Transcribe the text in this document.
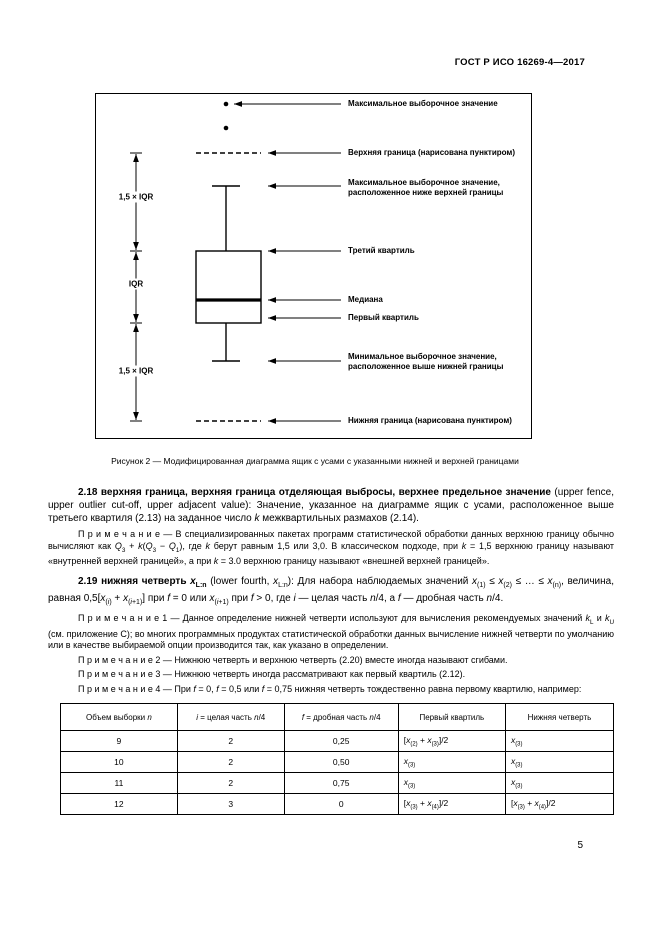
ГОСТ Р ИСО 16269-4—2017
Максимальное выборочное значение
Верхняя граница (нарисована пунктиром)
Максимальное выборочное значение, расположенное ниже верхней границы
Третий квартиль
Медиана
Первый квартиль
Минимальное выборочное значение, расположенное выше нижней границы
Нижняя граница (нарисована пунктиром)
1,5 × IQR
IQR
1,5 × IQR
Рисунок 2 — Модифицированная диаграмма ящик с усами с указанными нижней и верхней границами

2.18 верхняя граница, верхняя граница отделяющая выбросы, верхнее предельное значение (upper fence, upper outlier cut-off, upper adjacent value): Значение, указанное на диаграмме ящик с усами, расположенное выше третьего квартиля (2.13) на заданное число k межквартильных размахов (2.14).

П р и м е ч а н и е — В специализированных пакетах программ статистической обработки данных верхнюю границу обычно вычисляют как $Q_3 + k(Q_3 - Q_1)$, где k берут равным 1,5 или 3,0. В классическом подходе, при k = 1,5 верхнюю границу называют «внутренней верхней границей», а при k = 3.0 верхнюю границу называют «внешней верхней границей».

2.19 нижняя четверть $x_{L:n}$ (lower fourth, $x_{L:n}$): Для набора наблюдаемых значений $x_{(1)} \le x_{(2)}$ ≤ … ≤ $x_{(n)}$, величина, равная $0,5[x_{(i)} + x_{(i+1)}]$ при f = 0 или $x_{(i+1)}$ при f > 0, где i — целая часть n/4, а f — дробная часть n/4.

П р и м е ч а н и е 1 — Данное определение нижней четверти используют для вычисления рекомендуемых значений $k_L$ и $k_U$ (см. приложение С); во многих программных продуктах статистической обработки данных вычисление нижней четверти по умолчанию или в качестве выбираемой опции производится так, как указано в определении.

П р и м е ч а н и е 2 — Нижнюю четверть и верхнюю четверть (2.20) вместе иногда называют сгибами.

П р и м е ч а н и е 3 — Нижнюю четверть иногда рассматривают как первый квартиль (2.12).

П р и м е ч а н и е 4 — При f = 0, f = 0,5 или f = 0,75 нижняя четверть тождественно равна первому квартилю, например:

Объем выборки n	i = целая часть n/4	f = дробная часть n/4	Первый квартиль	Нижняя четверть
9	2	0,25	$[x_{(2)} + x_{(3)}]/2$	$x_{(3)}$
10	2	0,50	$x_{(3)}$	$x_{(3)}$
11	2	0,75	$x_{(3)}$	$x_{(3)}$
12	3	0	$[x_{(3)} + x_{(4)}]/2$	$[x_{(3)} + x_{(4)}]/2$
5
